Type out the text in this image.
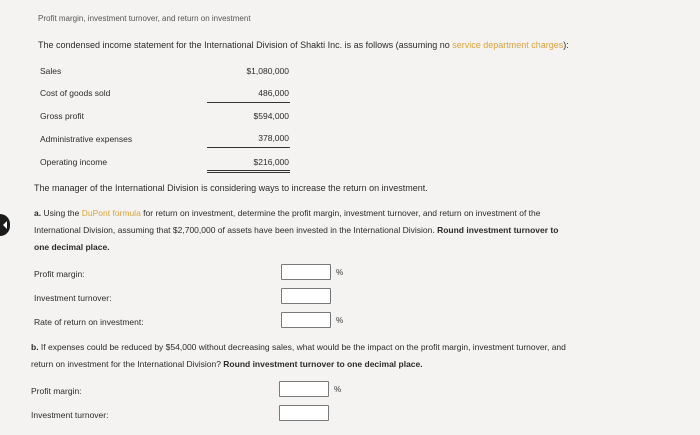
Profit margin, investment turnover, and return on investment
The condensed income statement for the International Division of Shakti Inc. is as follows (assuming no service department charges):
Sales	$1,080,000
Cost of goods sold	486,000
Gross profit	$594,000
Administrative expenses	378,000
Operating income	$216,000
The manager of the International Division is considering ways to increase the return on investment.
a. Using the DuPont formula for return on investment, determine the profit margin, investment turnover, and return on investment of the
International Division, assuming that $2,700,000 of assets have been invested in the International Division. Round investment turnover to
one decimal place.
Profit margin:	%
Investment turnover:
Rate of return on investment:	%
b. If expenses could be reduced by $54,000 without decreasing sales, what would be the impact on the profit margin, investment turnover, and
return on investment for the International Division? Round investment turnover to one decimal place.
Profit margin:	%
Investment turnover:
